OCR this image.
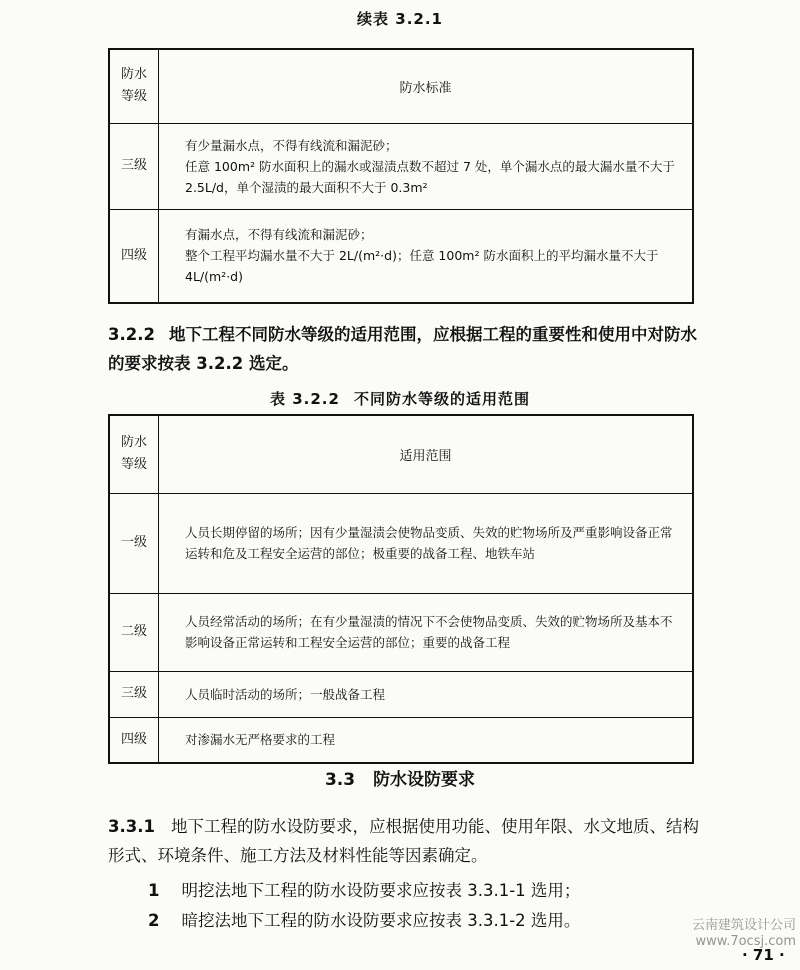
续表 3.2.1
防水
等级	防水标准
三级	有少量漏水点，不得有线流和漏泥砂；

任意 100m² 防水面积上的漏水或湿渍点数不超过 7 处，单个漏水点的最大漏水量不大于 2.5L/d，单个湿渍的最大面积不大于 0.3m²

四级	有漏水点，不得有线流和漏泥砂；

整个工程平均漏水量不大于 2L/(m²·d)；任意 100m² 防水面积上的平均漏水量不大于 4L/(m²·d)

3.2.2 地下工程不同防水等级的适用范围，应根据工程的重要性和使用中对防水的要求按表 3.2.2 选定。
表 3.2.2 不同防水等级的适用范围
防水
等级	适用范围
一级	人员长期停留的场所；因有少量湿渍会使物品变质、失效的贮物场所及严重影响设备正常运转和危及工程安全运营的部位；极重要的战备工程、地铁车站
二级	人员经常活动的场所；在有少量湿渍的情况下不会使物品变质、失效的贮物场所及基本不影响设备正常运转和工程安全运营的部位；重要的战备工程
三级	人员临时活动的场所；一般战备工程
四级	对渗漏水无严格要求的工程
3.3 防水设防要求
3.3.1 地下工程的防水设防要求，应根据使用功能、使用年限、水文地质、结构形式、环境条件、施工方法及材料性能等因素确定。
1 明挖法地下工程的防水设防要求应按表 3.3.1-1 选用；
2 暗挖法地下工程的防水设防要求应按表 3.3.1-2 选用。	云南建筑设计公司
www.7ocsj.com
· 71 ·
